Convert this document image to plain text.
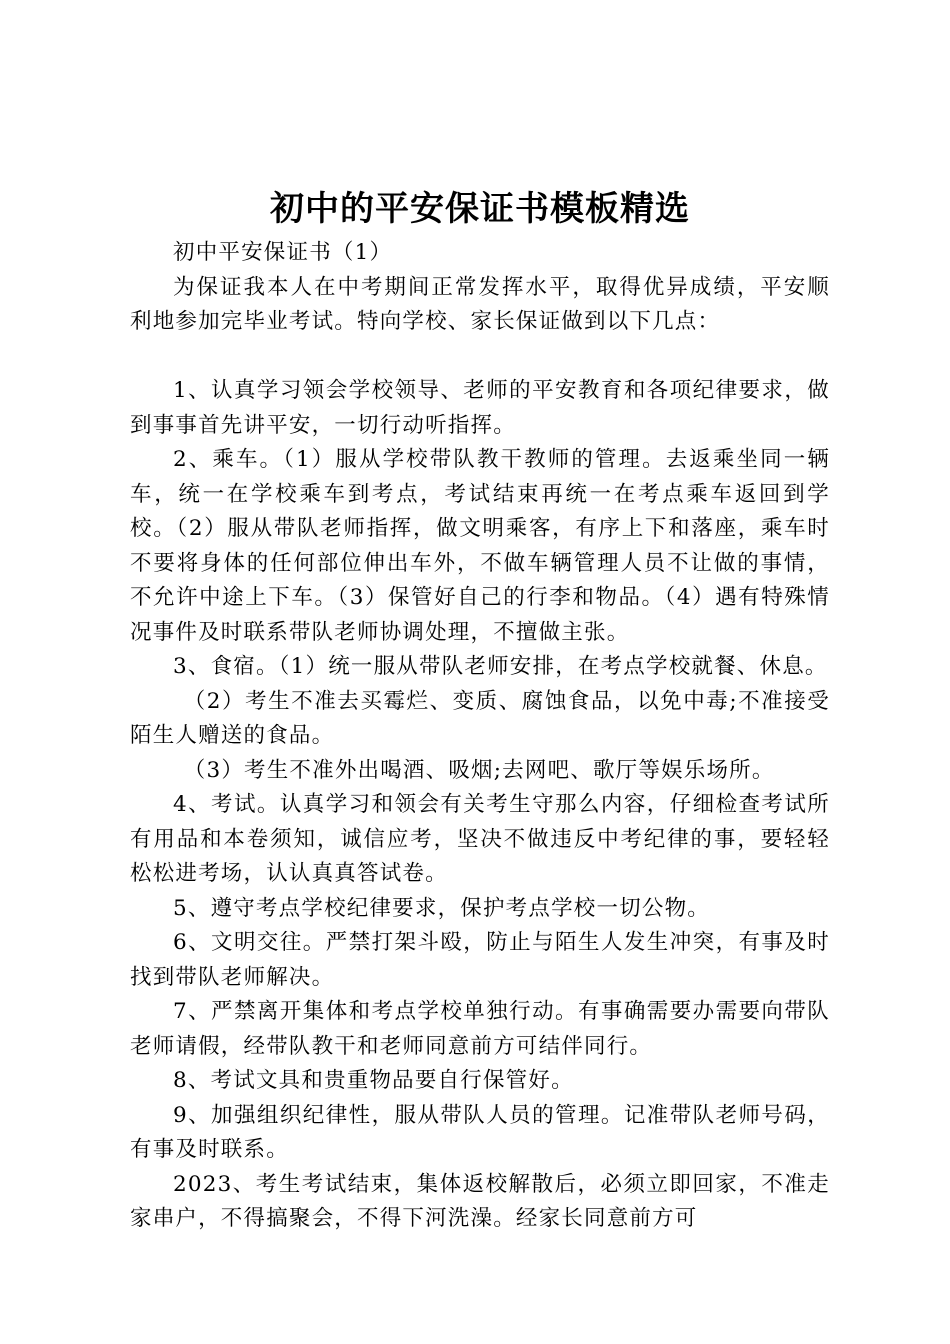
初中的平安保证书模板精选

初中平安保证书（1）

为保证我本人在中考期间正常发挥水平，取得优异成绩，平安顺利地参加完毕业考试。特向学校、家长保证做到以下几点：

1、认真学习领会学校领导、老师的平安教育和各项纪律要求，做到事事首先讲平安，一切行动听指挥。

2、乘车。（1）服从学校带队教干教师的管理。去返乘坐同一辆车，统一在学校乘车到考点，考试结束再统一在考点乘车返回到学校。（2）服从带队老师指挥，做文明乘客，有序上下和落座，乘车时不要将身体的任何部位伸出车外，不做车辆管理人员不让做的事情，不允许中途上下车。（3）保管好自己的行李和物品。（4）遇有特殊情况事件及时联系带队老师协调处理，不擅做主张。

3、食宿。（1）统一服从带队老师安排，在考点学校就餐、休息。

（2）考生不准去买霉烂、变质、腐蚀食品，以免中毒;不准接受陌生人赠送的食品。

（3）考生不准外出喝酒、吸烟;去网吧、歌厅等娱乐场所。

4、考试。认真学习和领会有关考生守那么内容，仔细检查考试所有用品和本卷须知，诚信应考，坚决不做违反中考纪律的事，要轻轻松松进考场，认认真真答试卷。

5、遵守考点学校纪律要求，保护考点学校一切公物。

6、文明交往。严禁打架斗殴，防止与陌生人发生冲突，有事及时找到带队老师解决。

7、严禁离开集体和考点学校单独行动。有事确需要办需要向带队老师请假，经带队教干和老师同意前方可结伴同行。

8、考试文具和贵重物品要自行保管好。

9、加强组织纪律性，服从带队人员的管理。记准带队老师号码，有事及时联系。

2023、考生考试结束，集体返校解散后，必须立即回家，不准走家串户，不得搞聚会，不得下河洗澡。经家长同意前方可
